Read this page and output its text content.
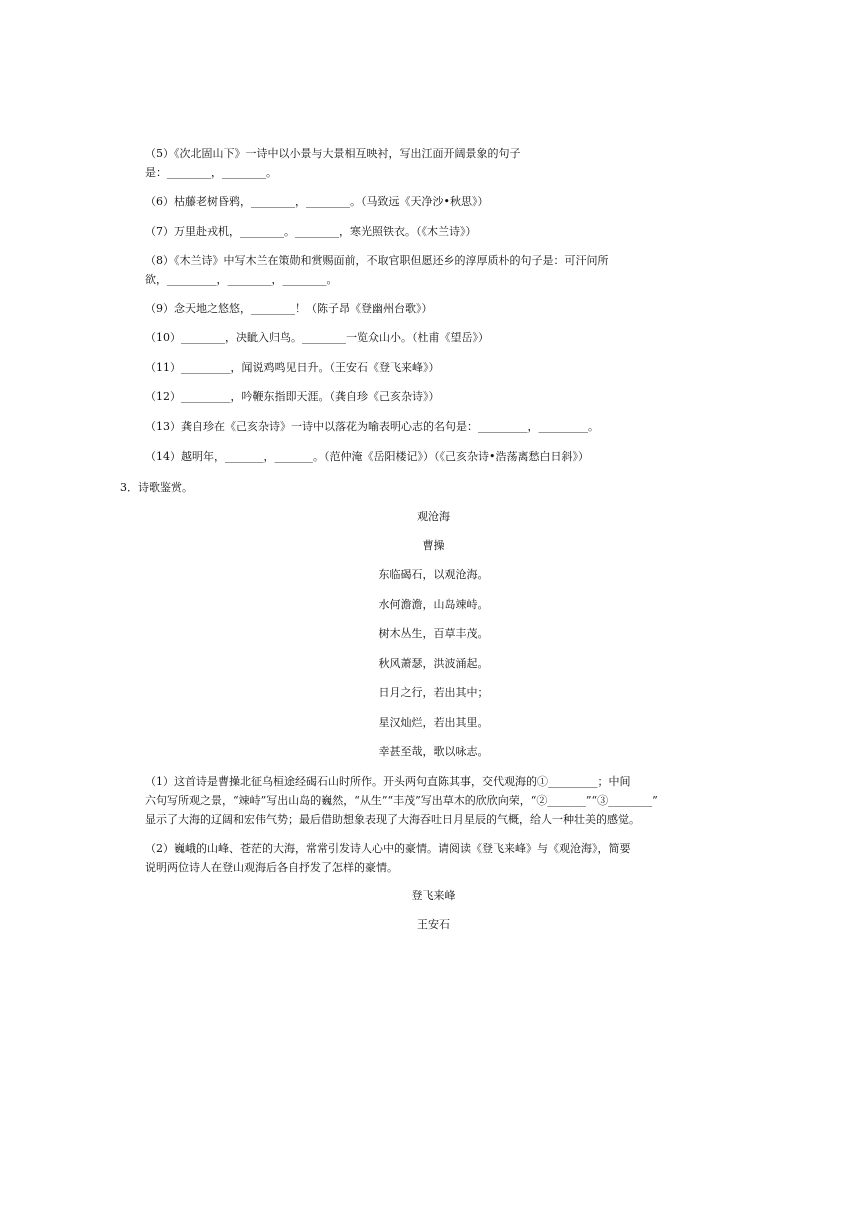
（5）《次北固山下》一诗中以小景与大景相互映衬，写出江面开阔景象的句子
是：________，________。
（6）枯藤老树昏鸦，________，________。（马致远《天净沙•秋思》）
（7）万里赴戎机，________。________，寒光照铁衣。（《木兰诗》）
（8）《木兰诗》中写木兰在策勋和赏赐面前，不取官职但愿还乡的淳厚质朴的句子是：可汗问所
欲，_________，________，________。
（9）念天地之悠悠，________！（陈子昂《登幽州台歌》）
（10）________，决眦入归鸟。________一览众山小。（杜甫《望岳》）
（11）_________，闻说鸡鸣见日升。（王安石《登飞来峰》）
（12）_________，吟鞭东指即天涯。（龚自珍《己亥杂诗》）
（13）龚自珍在《己亥杂诗》一诗中以落花为喻表明心志的名句是：_________，_________。
（14）越明年，_______，_______。（范仲淹《岳阳楼记》）（《己亥杂诗•浩荡离愁白日斜》）
3．诗歌鉴赏。
观沧海
曹操
东临碣石，以观沧海。
水何澹澹，山岛竦峙。
树木丛生，百草丰茂。
秋风萧瑟，洪波涌起。
日月之行，若出其中；
星汉灿烂，若出其里。
幸甚至哉，歌以咏志。
（1）这首诗是曹操北征乌桓途经碣石山时所作。开头两句直陈其事，交代观海的①_________；中间
六句写所观之景，“竦峙”写出山岛的巍然，“从生”“丰茂”写出草木的欣欣向荣，“②_______”“③________”
显示了大海的辽阔和宏伟气势；最后借助想象表现了大海吞吐日月星辰的气概，给人一种壮美的感觉。
（2）巍峨的山峰、苍茫的大海，常常引发诗人心中的豪情。请阅读《登飞来峰》与《观沧海》，简要
说明两位诗人在登山观海后各自抒发了怎样的豪情。
登飞来峰
王安石
